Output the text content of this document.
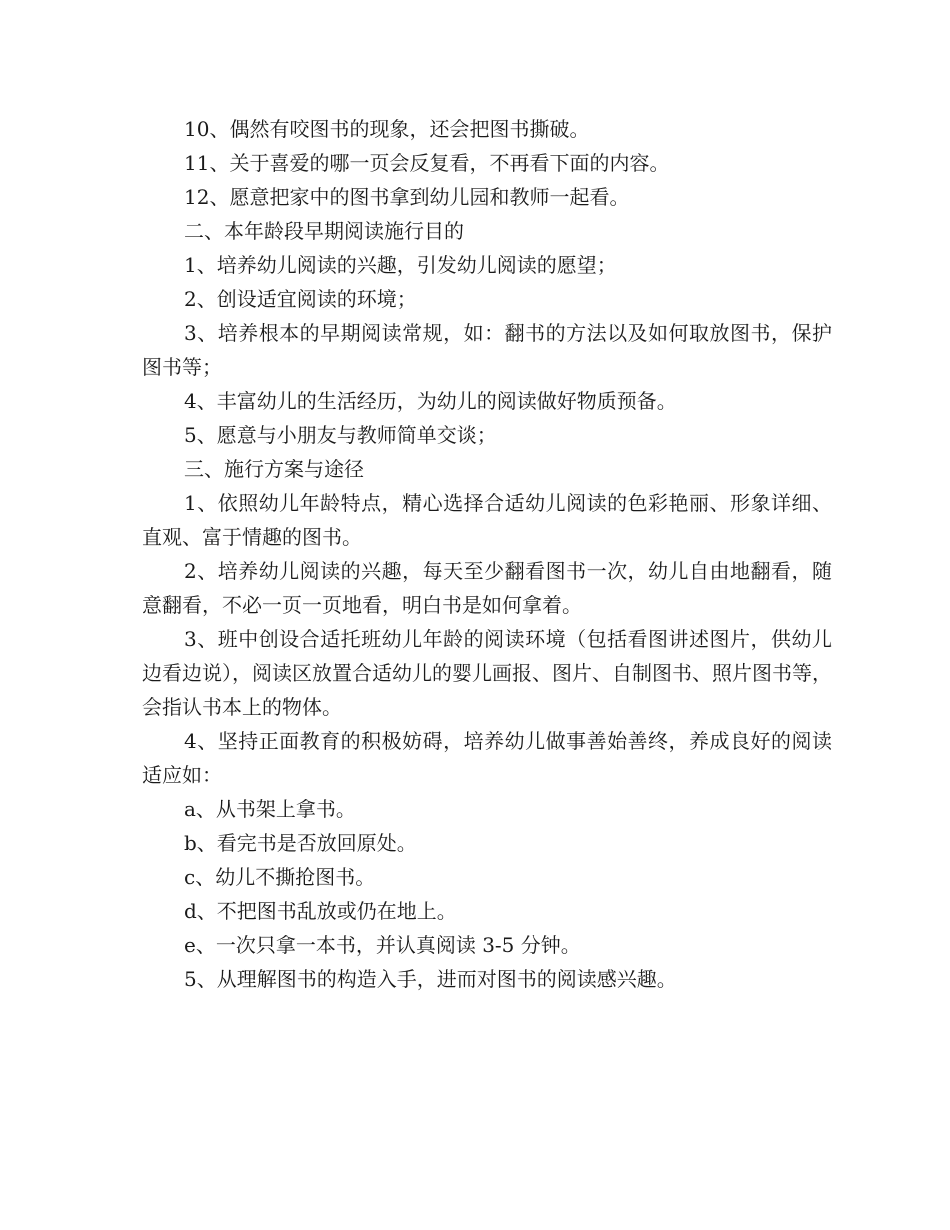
10、偶然有咬图书的现象，还会把图书撕破。

11、关于喜爱的哪一页会反复看，不再看下面的内容。

12、愿意把家中的图书拿到幼儿园和教师一起看。

二、本年龄段早期阅读施行目的

1、培养幼儿阅读的兴趣，引发幼儿阅读的愿望；

2、创设适宜阅读的环境；

3、培养根本的早期阅读常规，如：翻书的方法以及如何取放图书，保护图书等；

4、丰富幼儿的生活经历，为幼儿的阅读做好物质预备。

5、愿意与小朋友与教师简单交谈；

三、施行方案与途径

1、依照幼儿年龄特点，精心选择合适幼儿阅读的色彩艳丽、形象详细、直观、富于情趣的图书。

2、培养幼儿阅读的兴趣，每天至少翻看图书一次，幼儿自由地翻看，随意翻看，不必一页一页地看，明白书是如何拿着。

3、班中创设合适托班幼儿年龄的阅读环境（包括看图讲述图片，供幼儿边看边说），阅读区放置合适幼儿的婴儿画报、图片、自制图书、照片图书等，会指认书本上的物体。

4、坚持正面教育的积极妨碍，培养幼儿做事善始善终，养成良好的阅读适应如：

a、从书架上拿书。

b、看完书是否放回原处。

c、幼儿不撕抢图书。

d、不把图书乱放或仍在地上。

e、一次只拿一本书，并认真阅读 3-5 分钟。

5、从理解图书的构造入手，进而对图书的阅读感兴趣。
